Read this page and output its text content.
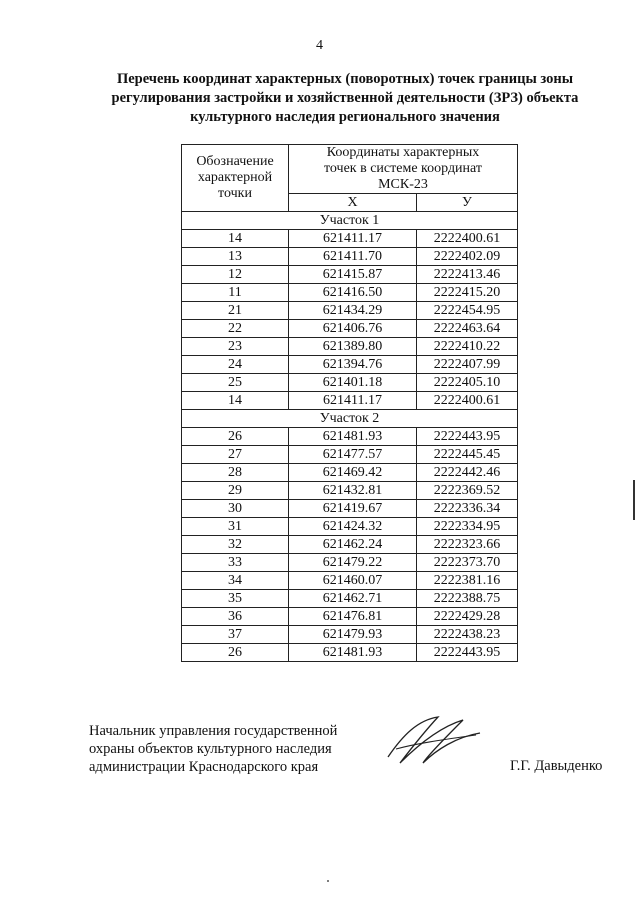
4
Перечень координат характерных (поворотных) точек границы зоны
регулирования застройки и хозяйственной деятельности (ЗРЗ) объекта
культурного наследия регионального значения
Обозначение
характерной
точки	Координаты характерных
точек в системе координат
МСК-23	

	X	У
Участок 1		
14	621411.17	2222400.61
13	621411.70	2222402.09
12	621415.87	2222413.46
11	621416.50	2222415.20
21	621434.29	2222454.95
22	621406.76	2222463.64
23	621389.80	2222410.22
24	621394.76	2222407.99
25	621401.18	2222405.10
14	621411.17	2222400.61
Участок 2		
26	621481.93	2222443.95
27	621477.57	2222445.45
28	621469.42	2222442.46
29	621432.81	2222369.52
30	621419.67	2222336.34
31	621424.32	2222334.95
32	621462.24	2222323.66
33	621479.22	2222373.70
34	621460.07	2222381.16
35	621462.71	2222388.75
36	621476.81	2222429.28
37	621479.93	2222438.23
26	621481.93	2222443.95
Начальник управления государственной
охраны объектов культурного наследия
администрации Краснодарского края	Г.Г. Давыденко
